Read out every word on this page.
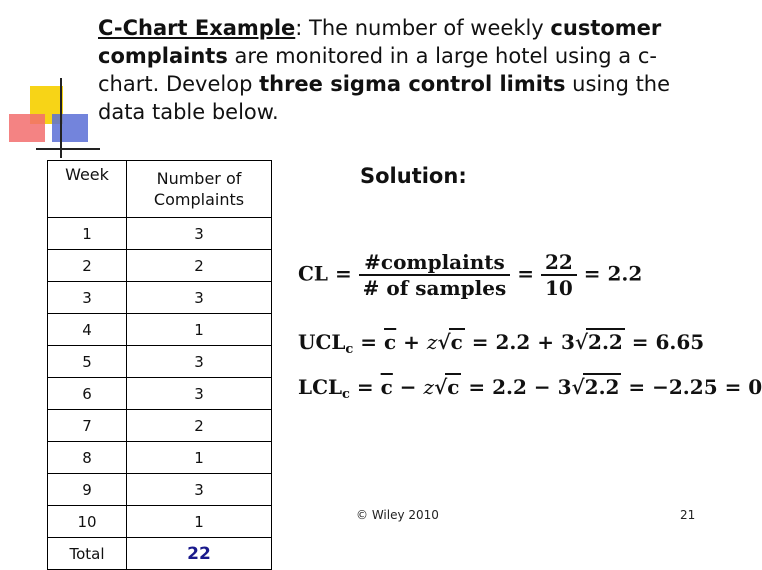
C-Chart Example: The number of weekly customer complaints are monitored in a large hotel using a c-chart. Develop three sigma control limits using the data table below.
Week	Number of
Complaints
1	3
2	2
3	3
4	1
5	3
6	3
7	2
8	1
9	3
10	1
Total	22
Solution:
CL = $\frac{\text{\#complaints}}{\text{\# of samples}} = \frac{22}{10} = 2.2$
$UCL_c = \overline{c} + z√c = 2.2 + 3√2.2 = 6.65$
$LCL_c = \overline{c} - z√c = 2.2 - 3√2.2 = -2.25 = 0$
© Wiley 2010	21
